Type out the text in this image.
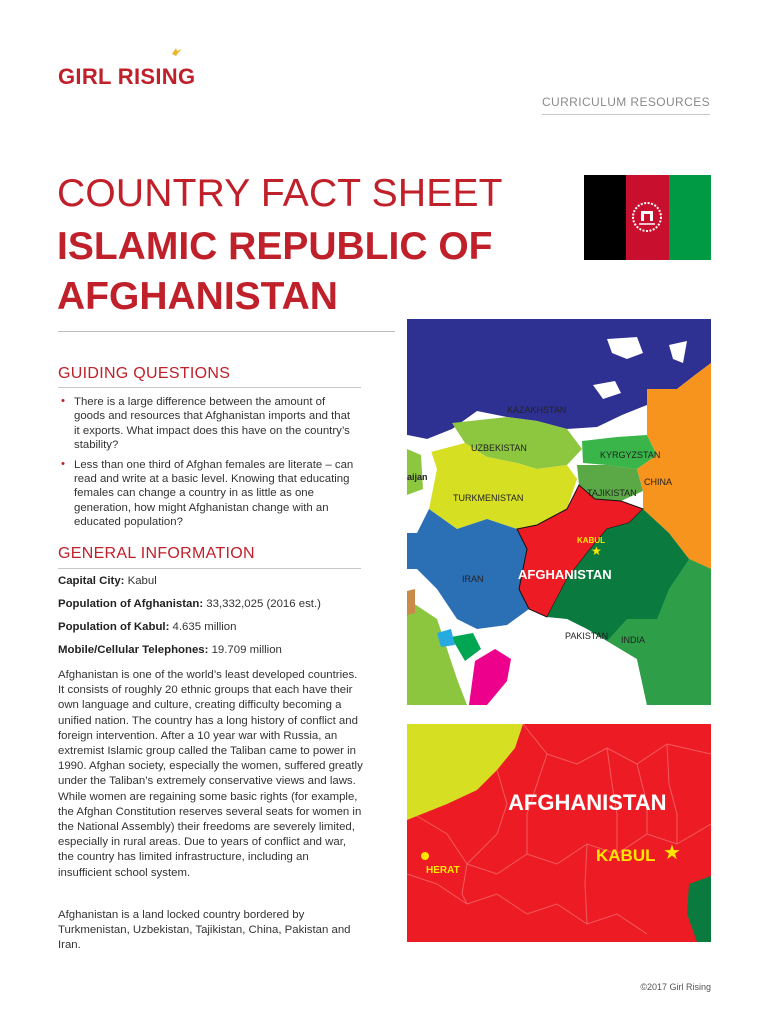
GIRL RISING
CURRICULUM RESOURCES
COUNTRY FACT SHEET
ISLAMIC REPUBLIC OF AFGHANISTAN
GUIDING QUESTIONS
• There is a large difference between the amount of goods and resources that Afghanistan imports and that it exports. What impact does this have on the country’s stability?
• Less than one third of Afghan females are literate – can read and write at a basic level. Knowing that educating females can change a country in as little as one generation, how might Afghanistan change with an educated population?
GENERAL INFORMATION
Capital City: Kabul
Population of Afghanistan: 33,332,025 (2016 est.)
Population of Kabul: 4.635 million
Mobile/Cellular Telephones: 19.709 million
Afghanistan is one of the world’s least developed countries. It consists of roughly 20 ethnic groups that each have their own language and culture, creating difficulty becoming a unified nation. The country has a long history of conflict and foreign intervention. After a 10 year war with Russia, an extremist Islamic group called the Taliban came to power in 1990. Afghan society, especially the women, suffered greatly under the Taliban’s extremely conservative views and laws. While women are regaining some basic rights (for example, the Afghan Constitution reserves several seats for women in the National Assembly) their freedoms are severely limited, especially in rural areas. Due to years of conflict and war, the country has limited infrastructure, including an insufficient school system.
Afghanistan is a land locked country bordered by Turkmenistan, Uzbekistan, Tajikistan, China, Pakistan and Iran.
KAZAKHSTAN
UZBEKISTAN
KYRGYZSTAN
CHINA
TAJIKISTAN
TURKMENISTAN
aijan
KABUL
★
AFGHANISTAN
IRAN
PAKISTAN INDIA
AFGHANISTAN
KABUL ★
HERAT
©2017 Girl Rising
